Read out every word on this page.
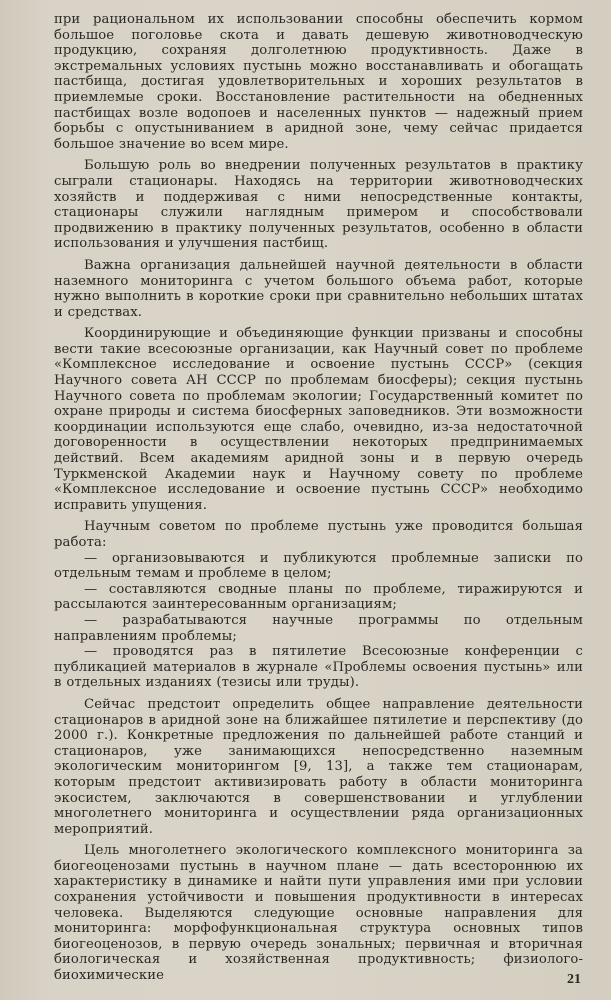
при рациональном их использовании способны обеспечить кормом большое поголовье скота и давать дешевую животноводческую продукцию, сохраняя долголетнюю продуктивность. Даже в экстремальных условиях пустынь можно восстанавливать и обогащать пастбища, достигая удовлетворительных и хороших результатов в приемлемые сроки. Восстановление растительности на обедненных пастбищах возле водопоев и населенных пунктов — надежный прием борьбы с опустыниванием в аридной зоне, чему сейчас придается большое значение во всем мире.

Большую роль во внедрении полученных результатов в практику сыграли стационары. Находясь на территории животноводческих хозяйств и поддерживая с ними непосредственные контакты, стационары служили наглядным примером и способствовали продвижению в практику полученных результатов, особенно в области использования и улучшения пастбищ.

Важна организация дальнейшей научной деятельности в области наземного мониторинга с учетом большого объема работ, которые нужно выполнить в короткие сроки при сравнительно небольших штатах и средствах.

Координирующие и объединяющие функции призваны и способны вести такие всесоюзные организации, как Научный совет по проблеме «Комплексное исследование и освоение пустынь СССР» (секция Научного совета АН СССР по проблемам биосферы); секция пустынь Научного совета по проблемам экологии; Государственный комитет по охране природы и система биосферных заповедников. Эти возможности координации используются еще слабо, очевидно, из-за недостаточной договоренности в осуществлении некоторых предпринимаемых действий. Всем академиям аридной зоны и в первую очередь Туркменской Академии наук и Научному совету по проблеме «Комплексное исследование и освоение пустынь СССР» необходимо исправить упущения.

Научным советом по проблеме пустынь уже проводится большая работа:

— организовываются и публикуются проблемные записки по отдельным темам и проблеме в целом;

— составляются сводные планы по проблеме, тиражируются и рассылаются заинтересованным организациям;

— разрабатываются научные программы по отдельным направлениям проблемы;

— проводятся раз в пятилетие Всесоюзные конференции с публикацией материалов в журнале «Проблемы освоения пустынь» или в отдельных изданиях (тезисы или труды).

Сейчас предстоит определить общее направление деятельности стационаров в аридной зоне на ближайшее пятилетие и перспективу (до 2000 г.). Конкретные предложения по дальнейшей работе станций и стационаров, уже занимающихся непосредственно наземным экологическим мониторингом [9, 13], а также тем стационарам, которым предстоит активизировать работу в области мониторинга экосистем, заключаются в совершенствовании и углублении многолетнего мониторинга и осуществлении ряда организационных мероприятий.

Цель многолетнего экологического комплексного мониторинга за биогеоценозами пустынь в научном плане — дать всестороннюю их характеристику в динамике и найти пути управления ими при условии сохранения устойчивости и повышения продуктивности в интересах человека. Выделяются следующие основные направления для мониторинга: морфофункциональная структура основных типов биогеоценозов, в первую очередь зональных; первичная и вторичная биологическая и хозяйственная продуктивность; физиолого-биохимические	21
